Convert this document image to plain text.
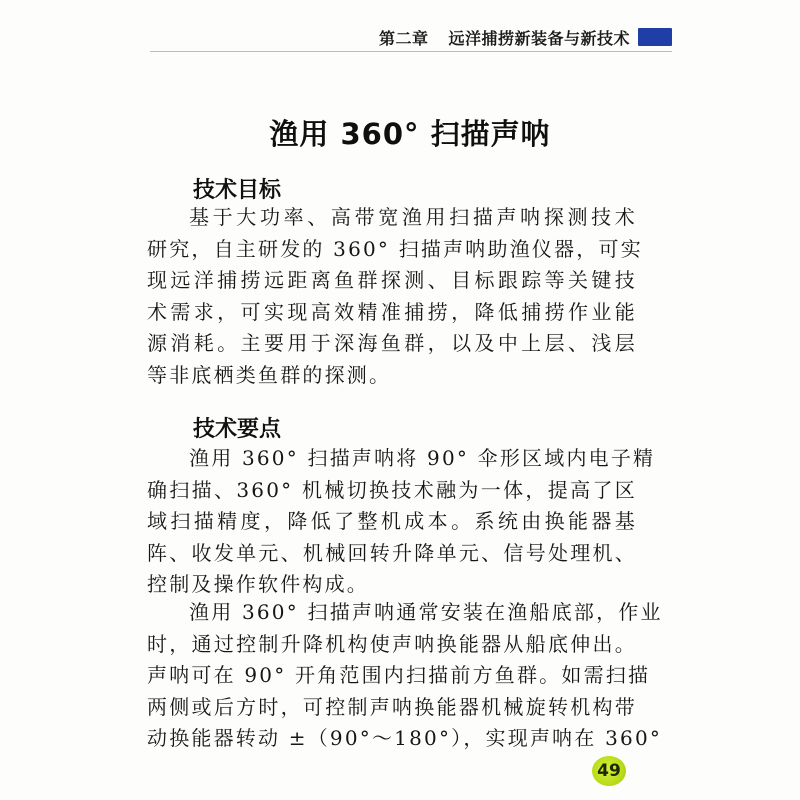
第二章 远洋捕捞新装备与新技术
渔用 360° 扫描声呐
技术目标
基于大功率、高带宽渔用扫描声呐探测技术
研究，自主研发的 360° 扫描声呐助渔仪器，可实
现远洋捕捞远距离鱼群探测、目标跟踪等关键技
术需求，可实现高效精准捕捞，降低捕捞作业能
源消耗。主要用于深海鱼群，以及中上层、浅层
等非底栖类鱼群的探测。
技术要点
渔用 360° 扫描声呐将 90° 伞形区域内电子精
确扫描、360° 机械切换技术融为一体，提高了区
域扫描精度，降低了整机成本。系统由换能器基
阵、收发单元、机械回转升降单元、信号处理机、
控制及操作软件构成。
渔用 360° 扫描声呐通常安装在渔船底部，作业
时，通过控制升降机构使声呐换能器从船底伸出。
声呐可在 90° 开角范围内扫描前方鱼群。如需扫描
两侧或后方时，可控制声呐换能器机械旋转机构带
动换能器转动 ±（90°～180°），实现声呐在 360°
49
